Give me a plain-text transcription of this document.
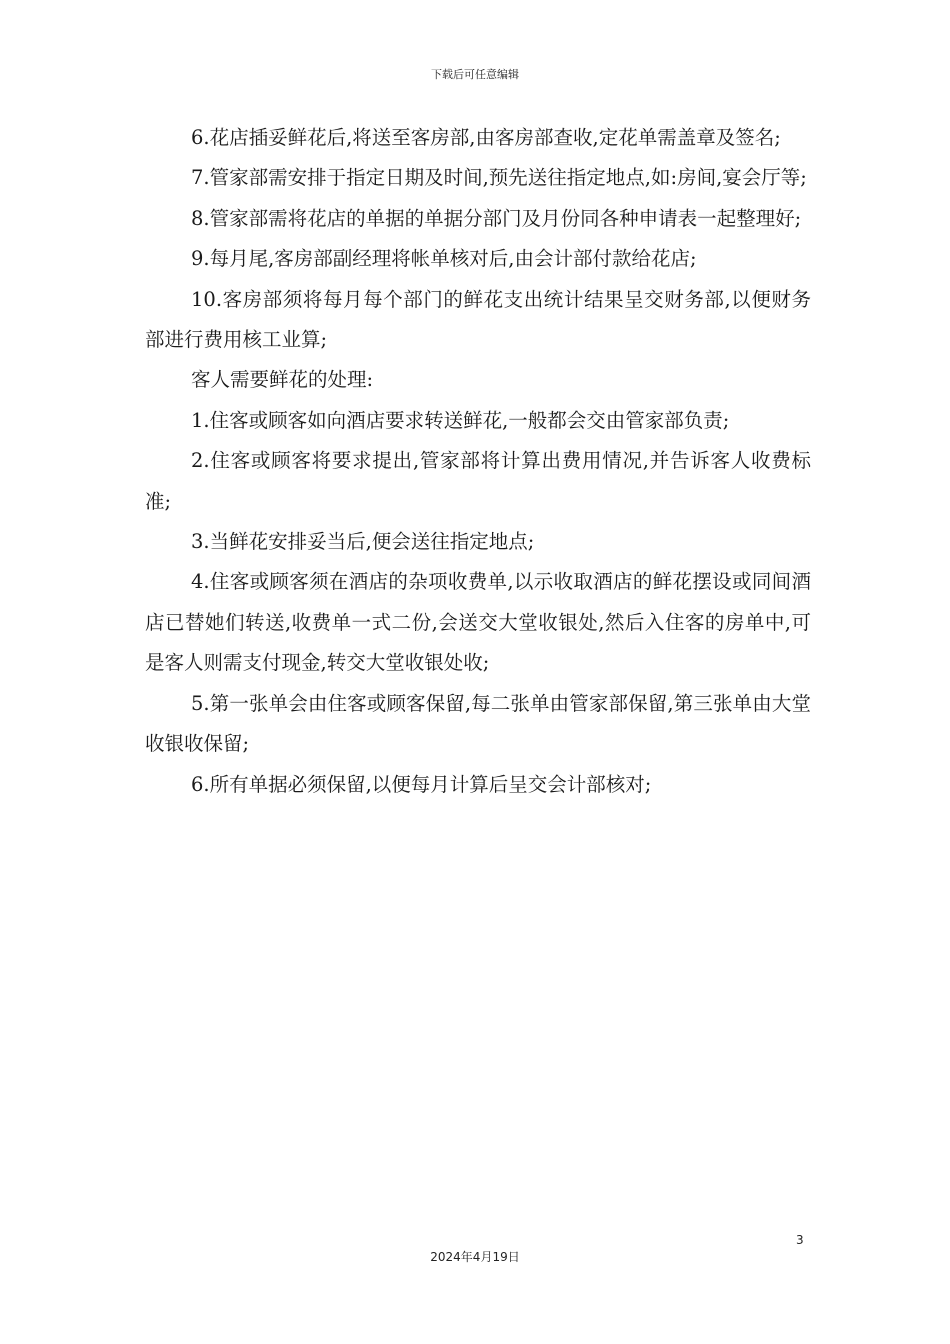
下载后可任意编辑

6.花店插妥鲜花后,将送至客房部,由客房部查收,定花单需盖章及签名;

7.管家部需安排于指定日期及时间,预先送往指定地点,如:房间,宴会厅等;

8.管家部需将花店的单据的单据分部门及月份同各种申请表一起整理好;

9.每月尾,客房部副经理将帐单核对后,由会计部付款给花店;

10.客房部须将每月每个部门的鲜花支出统计结果呈交财务部,以便财务部进行费用核工业算;

客人需要鲜花的处理:

1.住客或顾客如向酒店要求转送鲜花,一般都会交由管家部负责;

2.住客或顾客将要求提出,管家部将计算出费用情况,并告诉客人收费标准;

3.当鲜花安排妥当后,便会送往指定地点;

4.住客或顾客须在酒店的杂项收费单,以示收取酒店的鲜花摆设或同间酒店已替她们转送,收费单一式二份,会送交大堂收银处,然后入住客的房单中,可是客人则需支付现金,转交大堂收银处收;

5.第一张单会由住客或顾客保留,每二张单由管家部保留,第三张单由大堂收银收保留;

6.所有单据必须保留,以便每月计算后呈交会计部核对;

3
2024年4月19日
